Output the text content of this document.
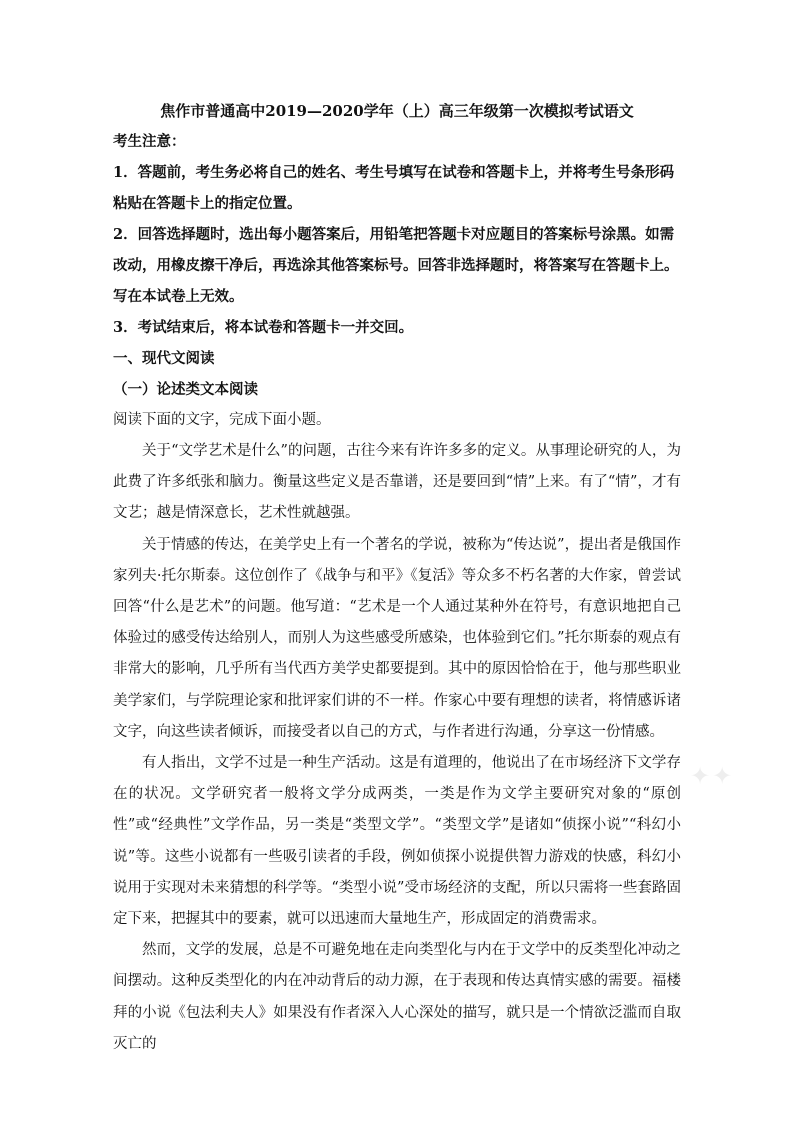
焦作市普通高中2019—2020学年（上）高三年级第一次模拟考试语文

考生注意：

1．答题前，考生务必将自己的姓名、考生号填写在试卷和答题卡上，并将考生号条形码粘贴在答题卡上的指定位置。

2．回答选择题时，选出每小题答案后，用铅笔把答题卡对应题目的答案标号涂黑。如需改动，用橡皮擦干净后，再选涂其他答案标号。回答非选择题时，将答案写在答题卡上。写在本试卷上无效。

3．考试结束后，将本试卷和答题卡一并交回。

一、现代文阅读

（一）论述类文本阅读

阅读下面的文字，完成下面小题。

关于“文学艺术是什么”的问题，古往今来有许许多多的定义。从事理论研究的人，为此费了许多纸张和脑力。衡量这些定义是否靠谱，还是要回到“情”上来。有了“情”，才有文艺；越是情深意长，艺术性就越强。

关于情感的传达，在美学史上有一个著名的学说，被称为“传达说”，提出者是俄国作家列夫·托尔斯泰。这位创作了《战争与和平》《复活》等众多不朽名著的大作家，曾尝试回答“什么是艺术”的问题。他写道：“艺术是一个人通过某种外在符号，有意识地把自己体验过的感受传达给别人，而别人为这些感受所感染，也体验到它们。”托尔斯泰的观点有非常大的影响，几乎所有当代西方美学史都要提到。其中的原因恰恰在于，他与那些职业美学家们，与学院理论家和批评家们讲的不一样。作家心中要有理想的读者，将情感诉诸文字，向这些读者倾诉，而接受者以自己的方式，与作者进行沟通，分享这一份情感。

有人指出，文学不过是一种生产活动。这是有道理的，他说出了在市场经济下文学存在的状况。文学研究者一般将文学分成两类，一类是作为文学主要研究对象的“原创性”或“经典性”文学作品，另一类是“类型文学”。“类型文学”是诸如“侦探小说”“科幻小说”等。这些小说都有一些吸引读者的手段，例如侦探小说提供智力游戏的快感，科幻小说用于实现对未来猜想的科学等。“类型小说”受市场经济的支配，所以只需将一些套路固定下来，把握其中的要素，就可以迅速而大量地生产，形成固定的消费需求。

然而，文学的发展，总是不可避免地在走向类型化与内在于文学中的反类型化冲动之间摆动。这种反类型化的内在冲动背后的动力源，在于表现和传达真情实感的需要。福楼拜的小说《包法利夫人》如果没有作者深入人心深处的描写，就只是一个情欲泛滥而自取灭亡的

✦✦
